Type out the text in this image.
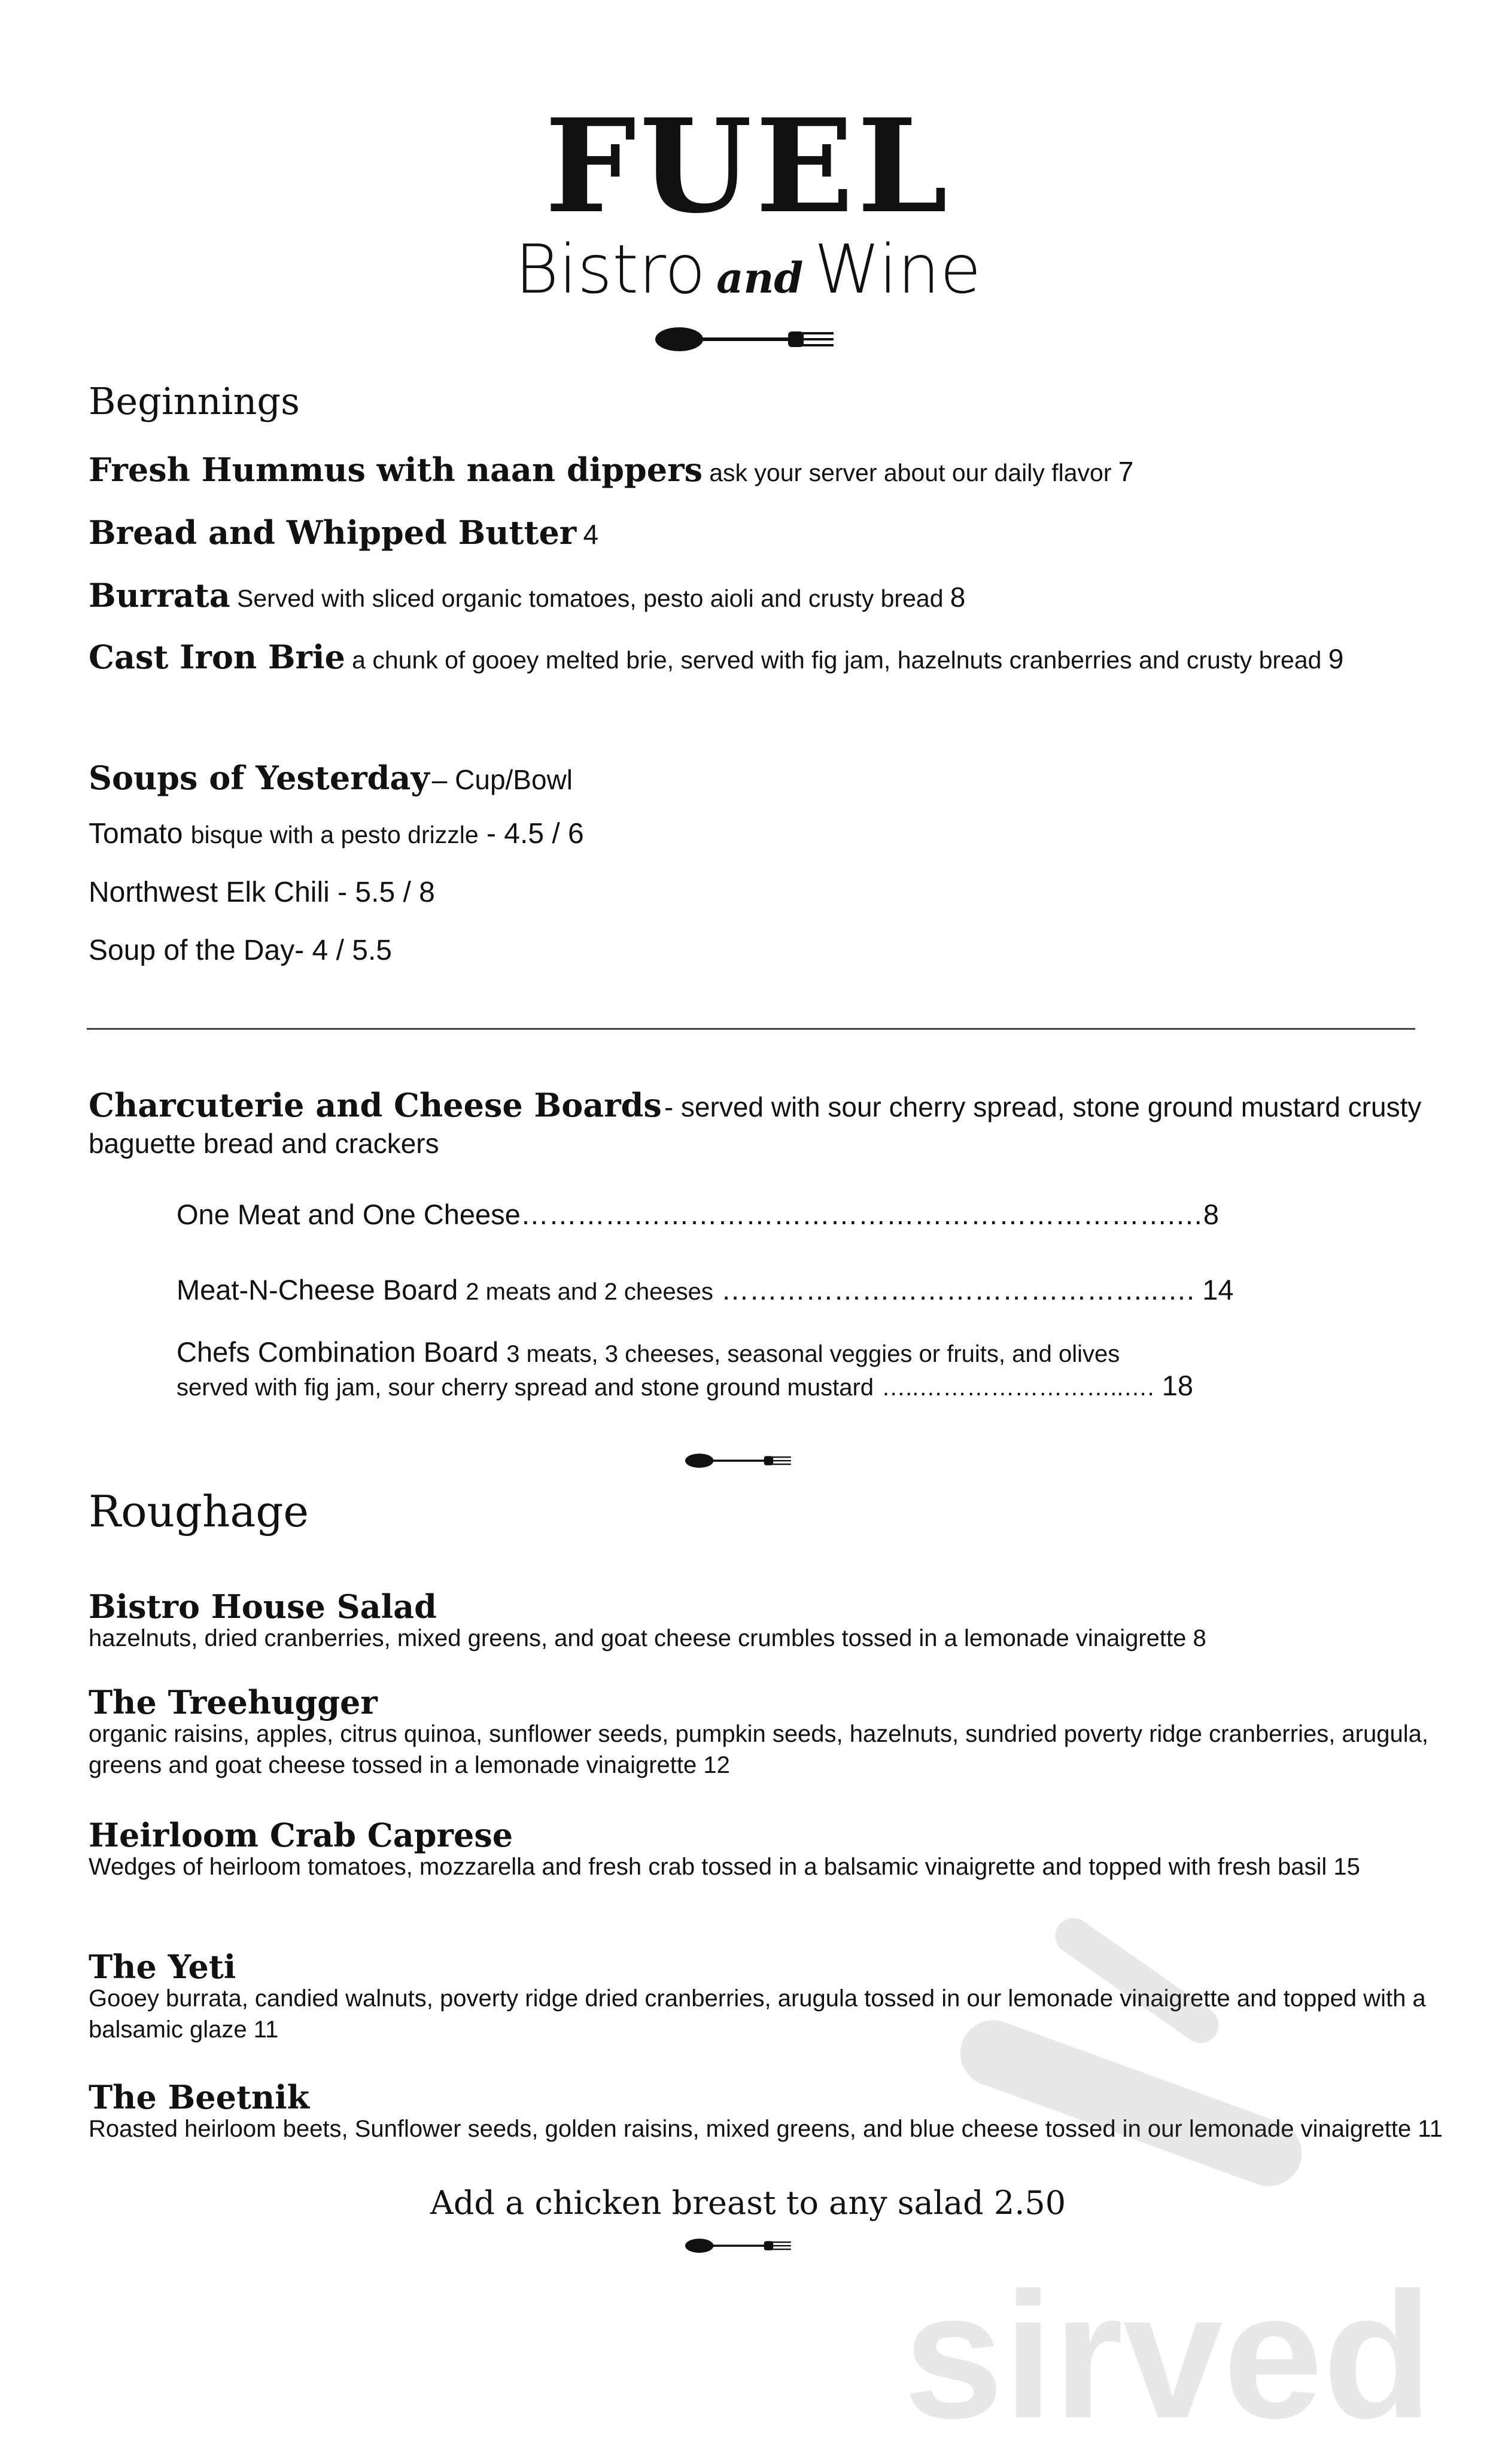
FUEL
Bistro and Wine
Beginnings
Fresh Hummus with naan dippers ask your server about our daily flavor 7
Bread and Whipped Butter 4
Burrata Served with sliced organic tomatoes, pesto aioli and crusty bread 8
Cast Iron Brie a chunk of gooey melted brie, served with fig jam, hazelnuts cranberries and crusty bread 9
Soups of Yesterday – Cup/Bowl
Tomato bisque with a pesto drizzle - 4.5 / 6
Northwest Elk Chili - 5.5 / 8
Soup of the Day- 4 / 5.5
Charcuterie and Cheese Boards - served with sour cherry spread, stone ground mustard crusty
baguette bread and crackers
One Meat and One Cheese…………………………………………………………….…8
Meat-N-Cheese Board 2 meats and 2 cheeses ………………………………………..…. 14
Chefs Combination Board 3 meats, 3 cheeses, seasonal veggies or fruits, and olives
served with fig jam, sour cherry spread and stone ground mustard …..……………………..…. 18
Roughage
Bistro House Salad
hazelnuts, dried cranberries, mixed greens, and goat cheese crumbles tossed in a lemonade vinaigrette 8
The Treehugger
organic raisins, apples, citrus quinoa, sunflower seeds, pumpkin seeds, hazelnuts, sundried poverty ridge cranberries, arugula, greens and goat cheese tossed in a lemonade vinaigrette 12
Heirloom Crab Caprese
Wedges of heirloom tomatoes, mozzarella and fresh crab tossed in a balsamic vinaigrette and topped with fresh basil 15
The Yeti
Gooey burrata, candied walnuts, poverty ridge dried cranberries, arugula tossed in our lemonade vinaigrette and topped with a balsamic glaze 11
The Beetnik
Roasted heirloom beets, Sunflower seeds, golden raisins, mixed greens, and blue cheese tossed in our lemonade vinaigrette 11
Add a chicken breast to any salad 2.50
sirved
